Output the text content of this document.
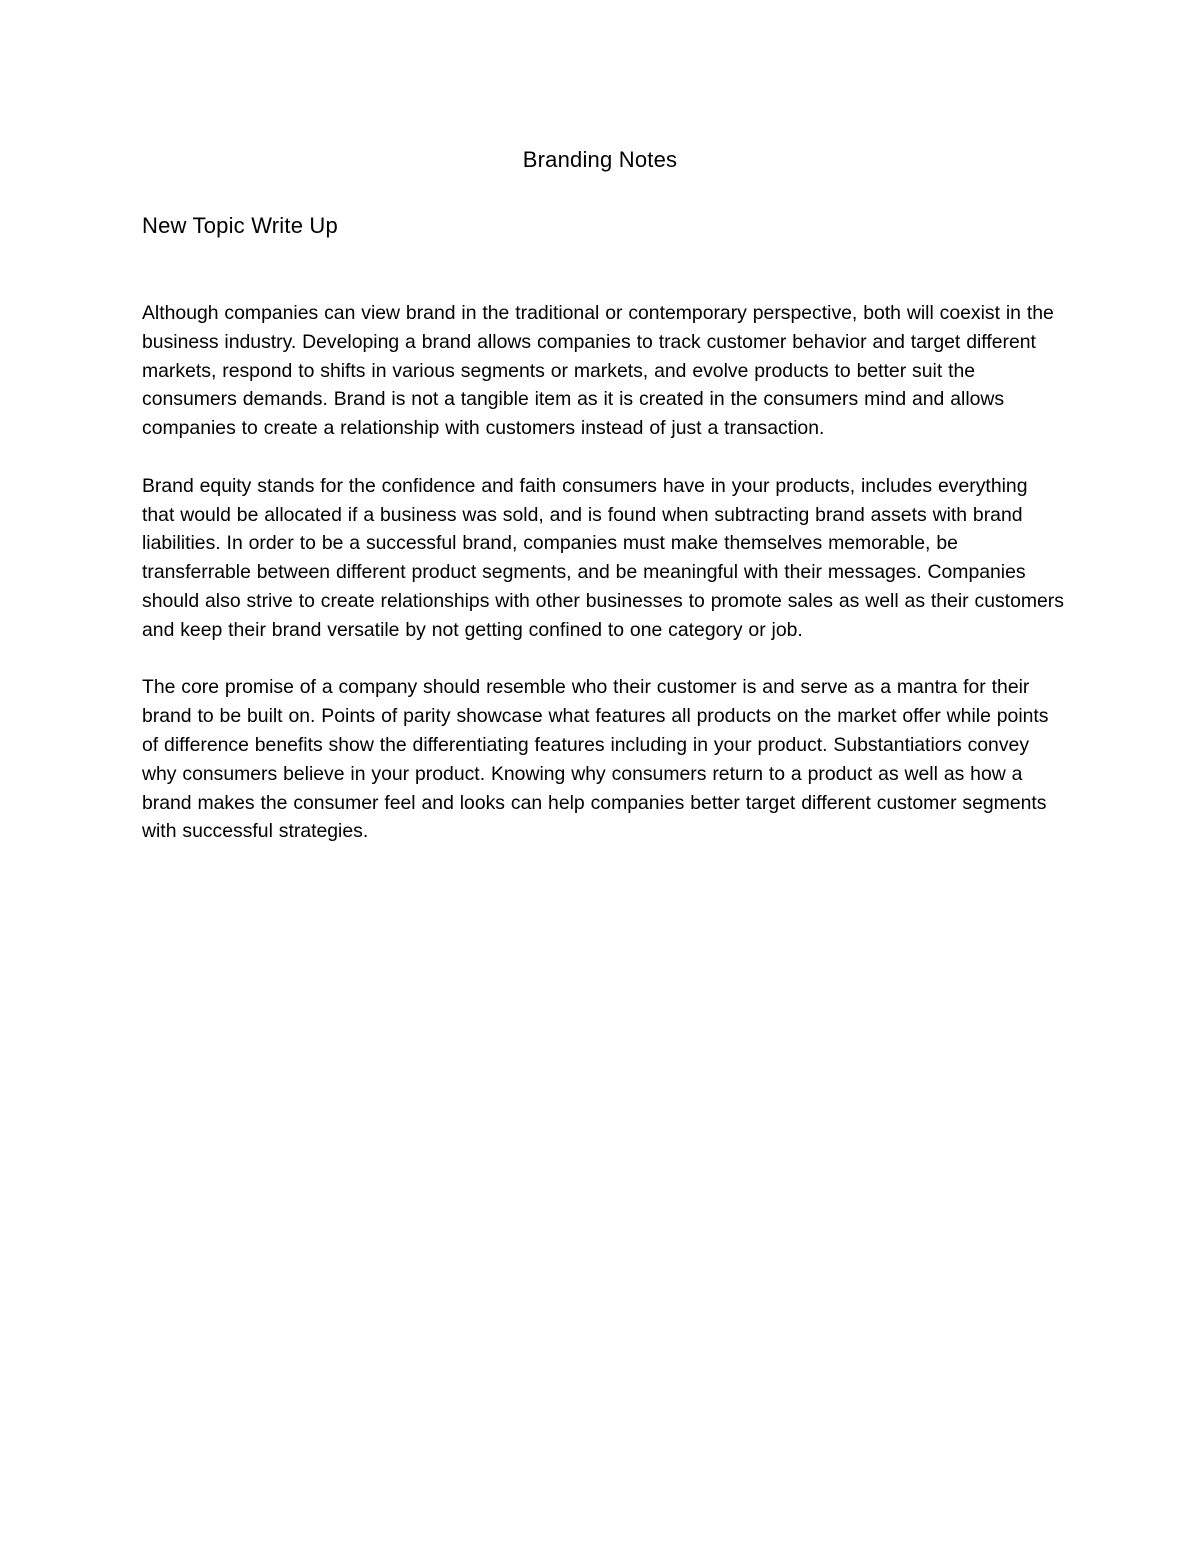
Branding Notes
New Topic Write Up

Although companies can view brand in the traditional or contemporary perspective, both will coexist in the business industry. Developing a brand allows companies to track customer behavior and target different markets, respond to shifts in various segments or markets, and evolve products to better suit the consumers demands. Brand is not a tangible item as it is created in the consumers mind and allows companies to create a relationship with customers instead of just a transaction.

Brand equity stands for the confidence and faith consumers have in your products, includes everything that would be allocated if a business was sold, and is found when subtracting brand assets with brand liabilities. In order to be a successful brand, companies must make themselves memorable, be transferrable between different product segments, and be meaningful with their messages. Companies should also strive to create relationships with other businesses to promote sales as well as their customers and keep their brand versatile by not getting confined to one category or job.

The core promise of a company should resemble who their customer is and serve as a mantra for their brand to be built on. Points of parity showcase what features all products on the market offer while points of difference benefits show the differentiating features including in your product. Substantiatiors convey why consumers believe in your product. Knowing why consumers return to a product as well as how a brand makes the consumer feel and looks can help companies better target different customer segments with successful strategies.
